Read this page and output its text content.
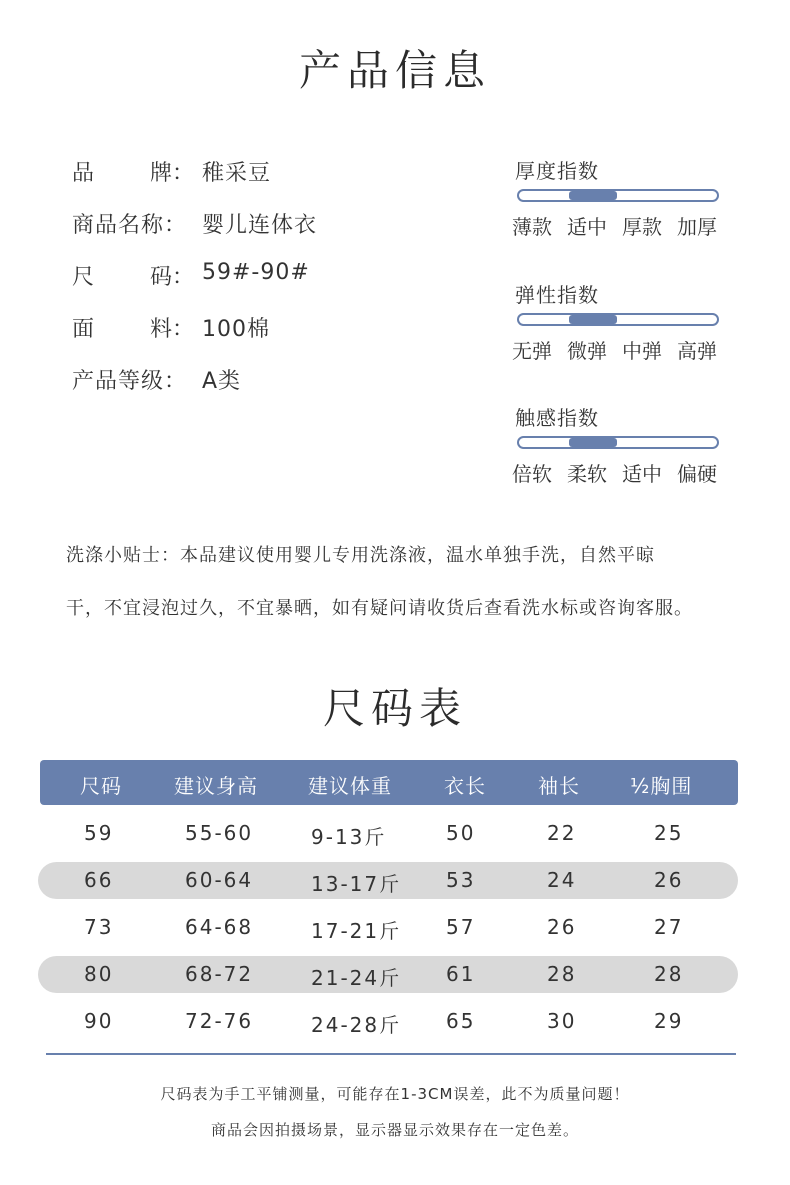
产品信息
品	牌： 稚采豆
商品名称： 婴儿连体衣
尺	码： 59#-90#
面	料： 100棉
产品等级： A类
厚度指数
薄款 适中 厚款 加厚
弹性指数
无弹 微弹 中弹 高弹
触感指数
倍软 柔软 适中 偏硬
洗涤小贴士：本品建议使用婴儿专用洗涤液，温水单独手洗，自然平晾
干，不宜浸泡过久，不宜暴晒，如有疑问请收货后查看洗水标或咨询客服。
尺码表
尺码	建议身高	建议体重	衣长	袖长	½胸围
59	55-60	9-13斤	50	22	25
66	60-64	13-17斤 53	24	26
73	64-68	17-21斤 57	26	27
80	68-72	21-24斤 61	28	28
90	72-76	24-28斤 65	30	29
尺码表为手工平铺测量，可能存在1-3CM误差，此不为质量问题！
商品会因拍摄场景，显示器显示效果存在一定色差。
